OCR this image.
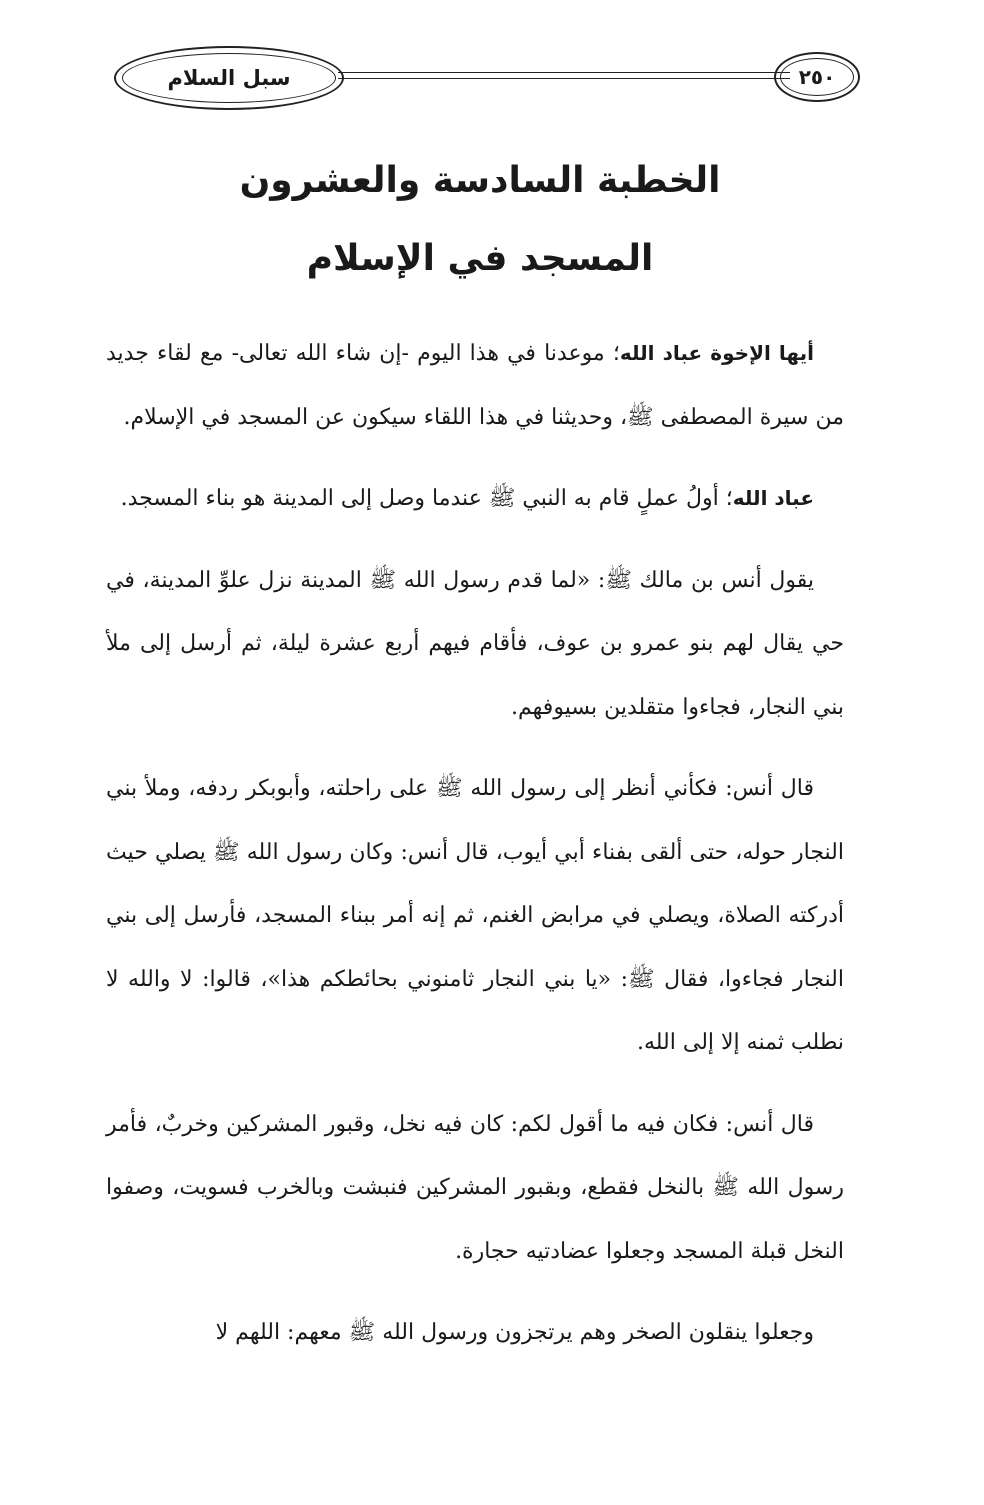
سبل السلام	٢٥٠
الخطبة السادسة والعشرون
المسجد في الإسلام

أيها الإخوة عباد الله؛ موعدنا في هذا اليوم -إن شاء الله تعالى- مع لقاء جديد من سيرة المصطفى ﷺ، وحديثنا في هذا اللقاء سيكون عن المسجد في الإسلام.

عباد الله؛ أولُ عملٍ قام به النبي ﷺ عندما وصل إلى المدينة هو بناء المسجد.

يقول أنس بن مالك ﷺ: «لما قدم رسول الله ﷺ المدينة نزل علوِّ المدينة، في حي يقال لهم بنو عمرو بن عوف، فأقام فيهم أربع عشرة ليلة، ثم أرسل إلى ملأ بني النجار، فجاءوا متقلدين بسيوفهم.

قال أنس: فكأني أنظر إلى رسول الله ﷺ على راحلته، وأبوبكر ردفه، وملأ بني النجار حوله، حتى ألقى بفناء أبي أيوب، قال أنس: وكان رسول الله ﷺ يصلي حيث أدركته الصلاة، ويصلي في مرابض الغنم، ثم إنه أمر ببناء المسجد، فأرسل إلى بني النجار فجاءوا، فقال ﷺ: «يا بني النجار ثامنوني بحائطكم هذا»، قالوا: لا والله لا نطلب ثمنه إلا إلى الله.

قال أنس: فكان فيه ما أقول لكم: كان فيه نخل، وقبور المشركين وخربٌ، فأمر رسول الله ﷺ بالنخل فقطع، وبقبور المشركين فنبشت وبالخرب فسويت، وصفوا النخل قبلة المسجد وجعلوا عضادتيه حجارة.

وجعلوا ينقلون الصخر وهم يرتجزون ورسول الله ﷺ معهم: اللهم لا
